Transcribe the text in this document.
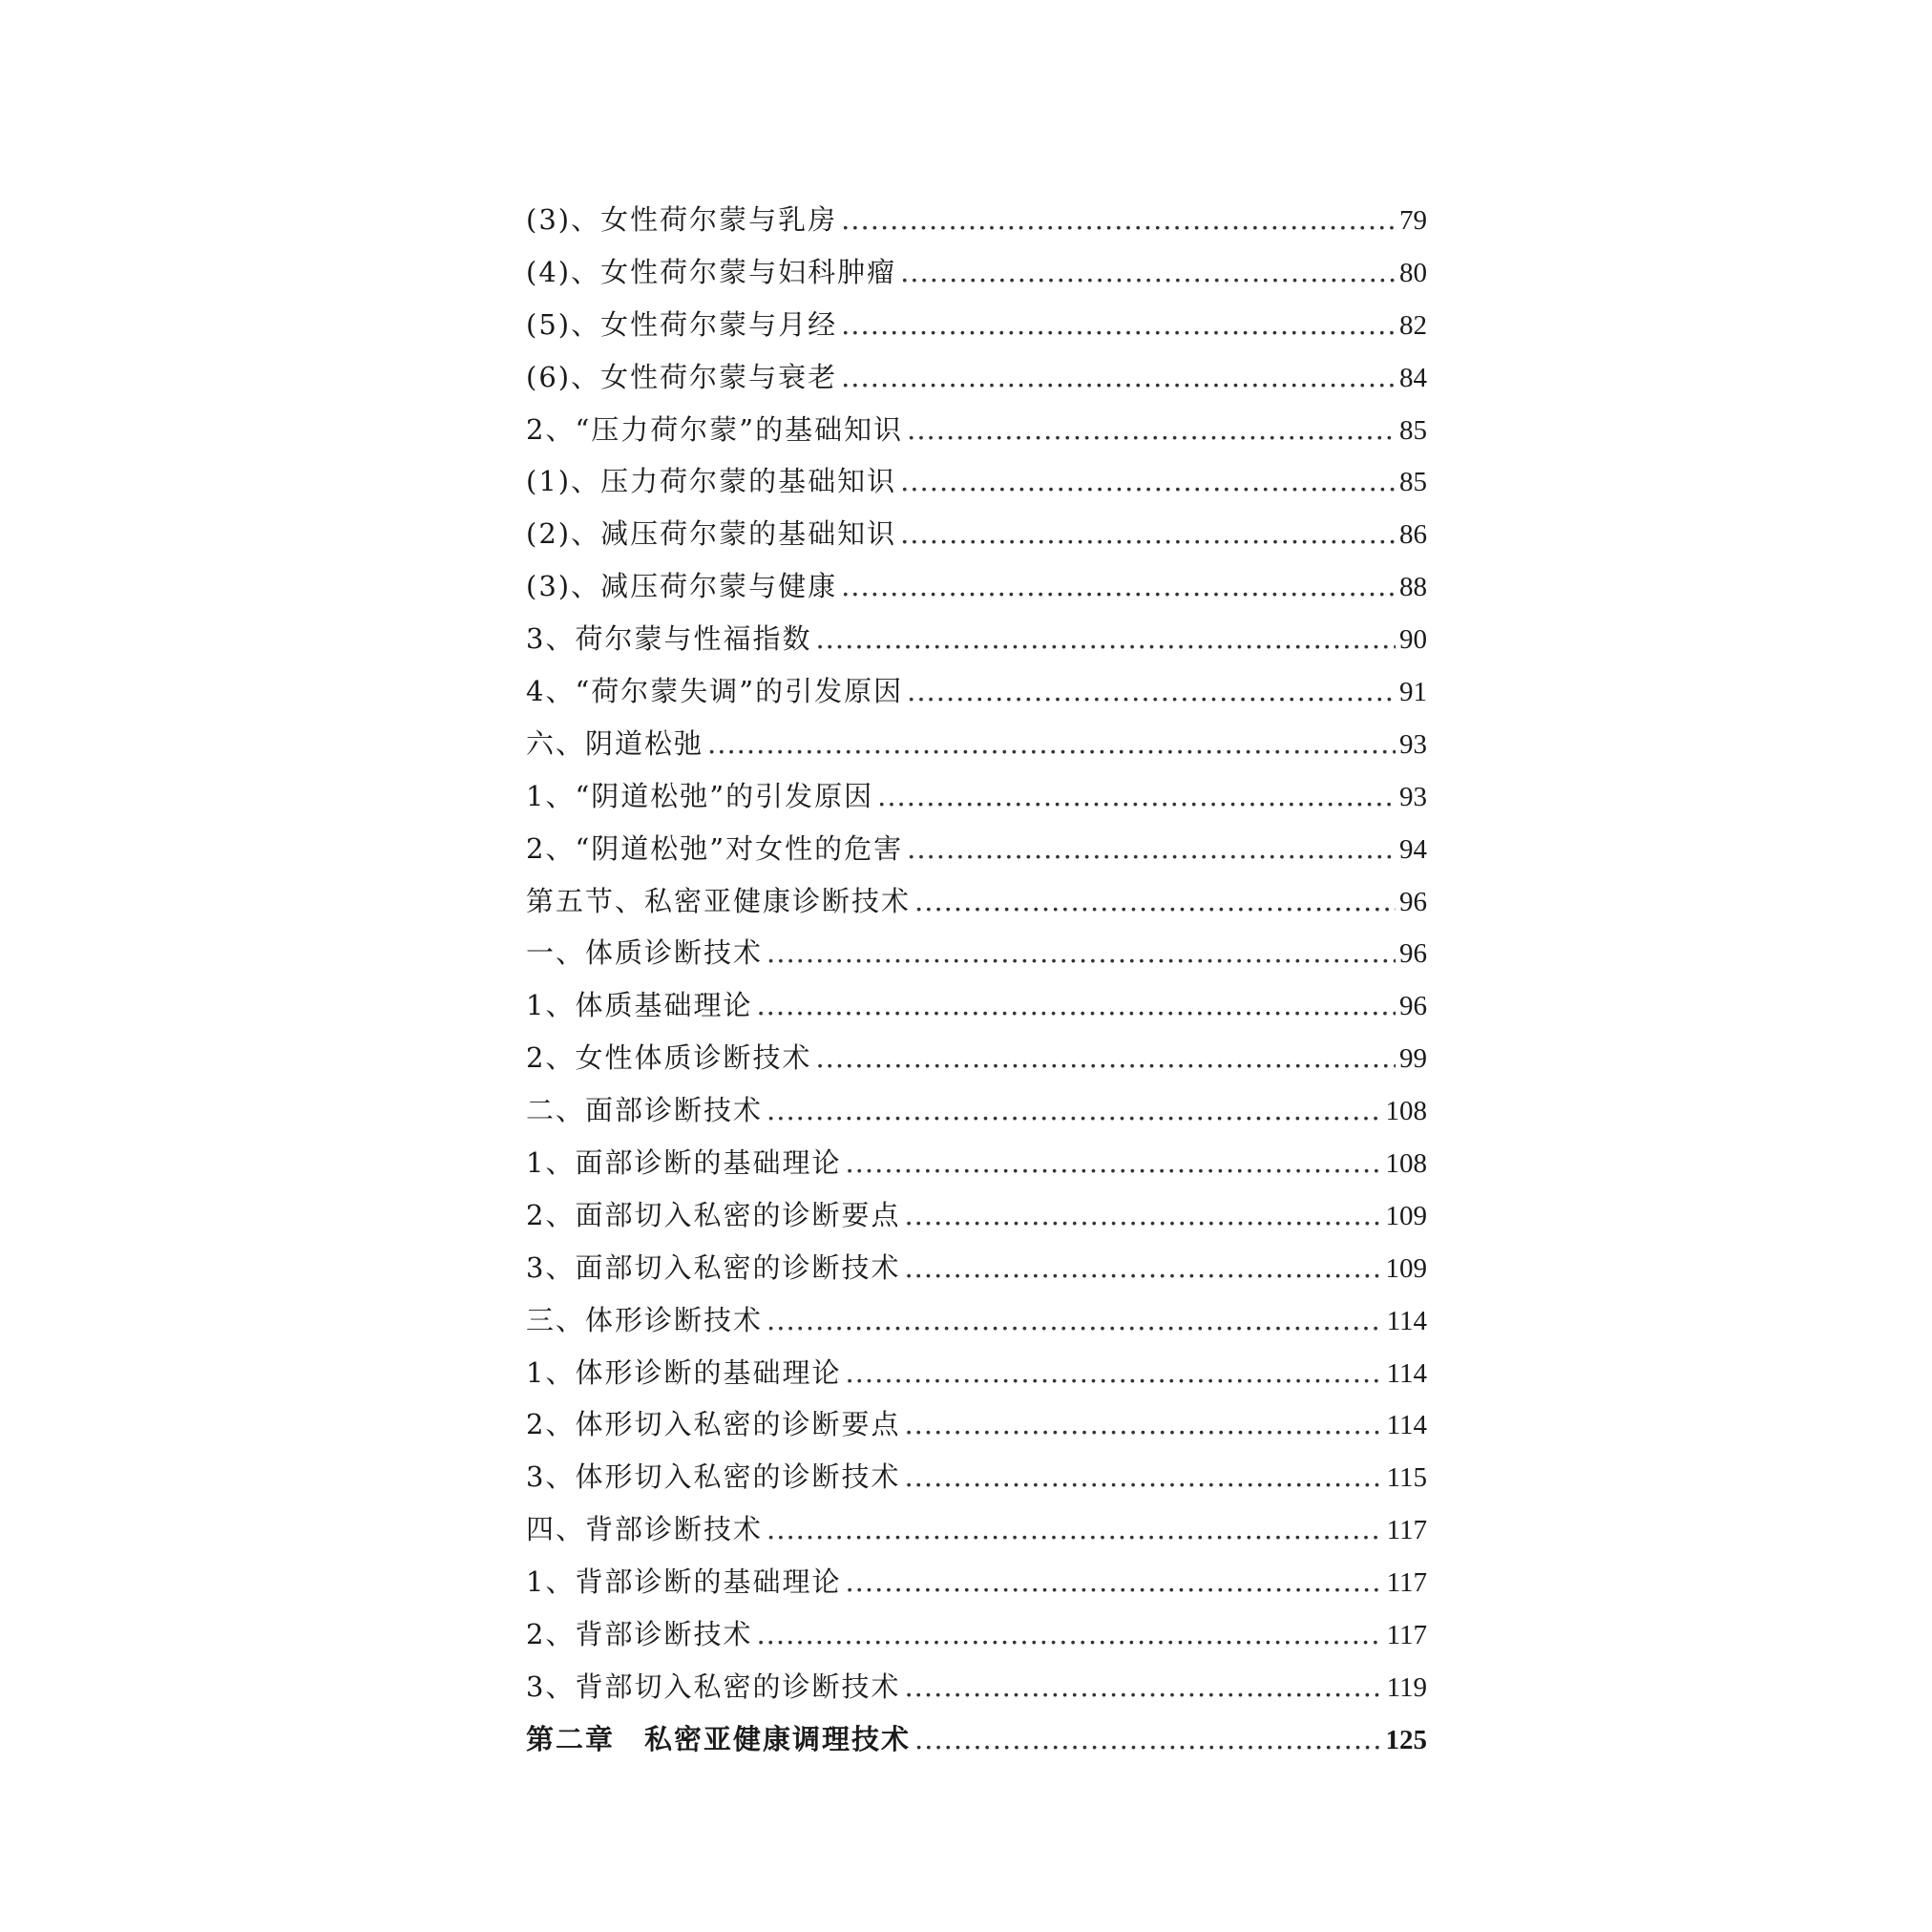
(3)、女性荷尔蒙与乳房 .....	79
(4)、女性荷尔蒙与妇科肿瘤 .....	80
(5)、女性荷尔蒙与月经 .....	82
(6)、女性荷尔蒙与衰老 .....	84
2、“压力荷尔蒙”的基础知识 .....	85
(1)、压力荷尔蒙的基础知识 .....	85
(2)、减压荷尔蒙的基础知识 .....	86
(3)、减压荷尔蒙与健康 .....	88
3、荷尔蒙与性福指数 .....	90
4、“荷尔蒙失调”的引发原因 .....	91
六、阴道松弛 .....	93
1、“阴道松弛”的引发原因 .....	93
2、“阴道松弛”对女性的危害 .....	94
第五节、私密亚健康诊断技术 .....	96
一、体质诊断技术 .....	96
1、体质基础理论 .....	96
2、女性体质诊断技术 .....	99
二、面部诊断技术 .....	108
1、面部诊断的基础理论 .....	108
2、面部切入私密的诊断要点 .....	109
3、面部切入私密的诊断技术 .....	109
三、体形诊断技术 .....	114
1、体形诊断的基础理论 .....	114
2、体形切入私密的诊断要点 .....	114
3、体形切入私密的诊断技术 .....	115
四、背部诊断技术 .....	117
1、背部诊断的基础理论 .....	117
2、背部诊断技术 .....	117
3、背部切入私密的诊断技术 .....	119
第二章　私密亚健康调理技术 .....	125
